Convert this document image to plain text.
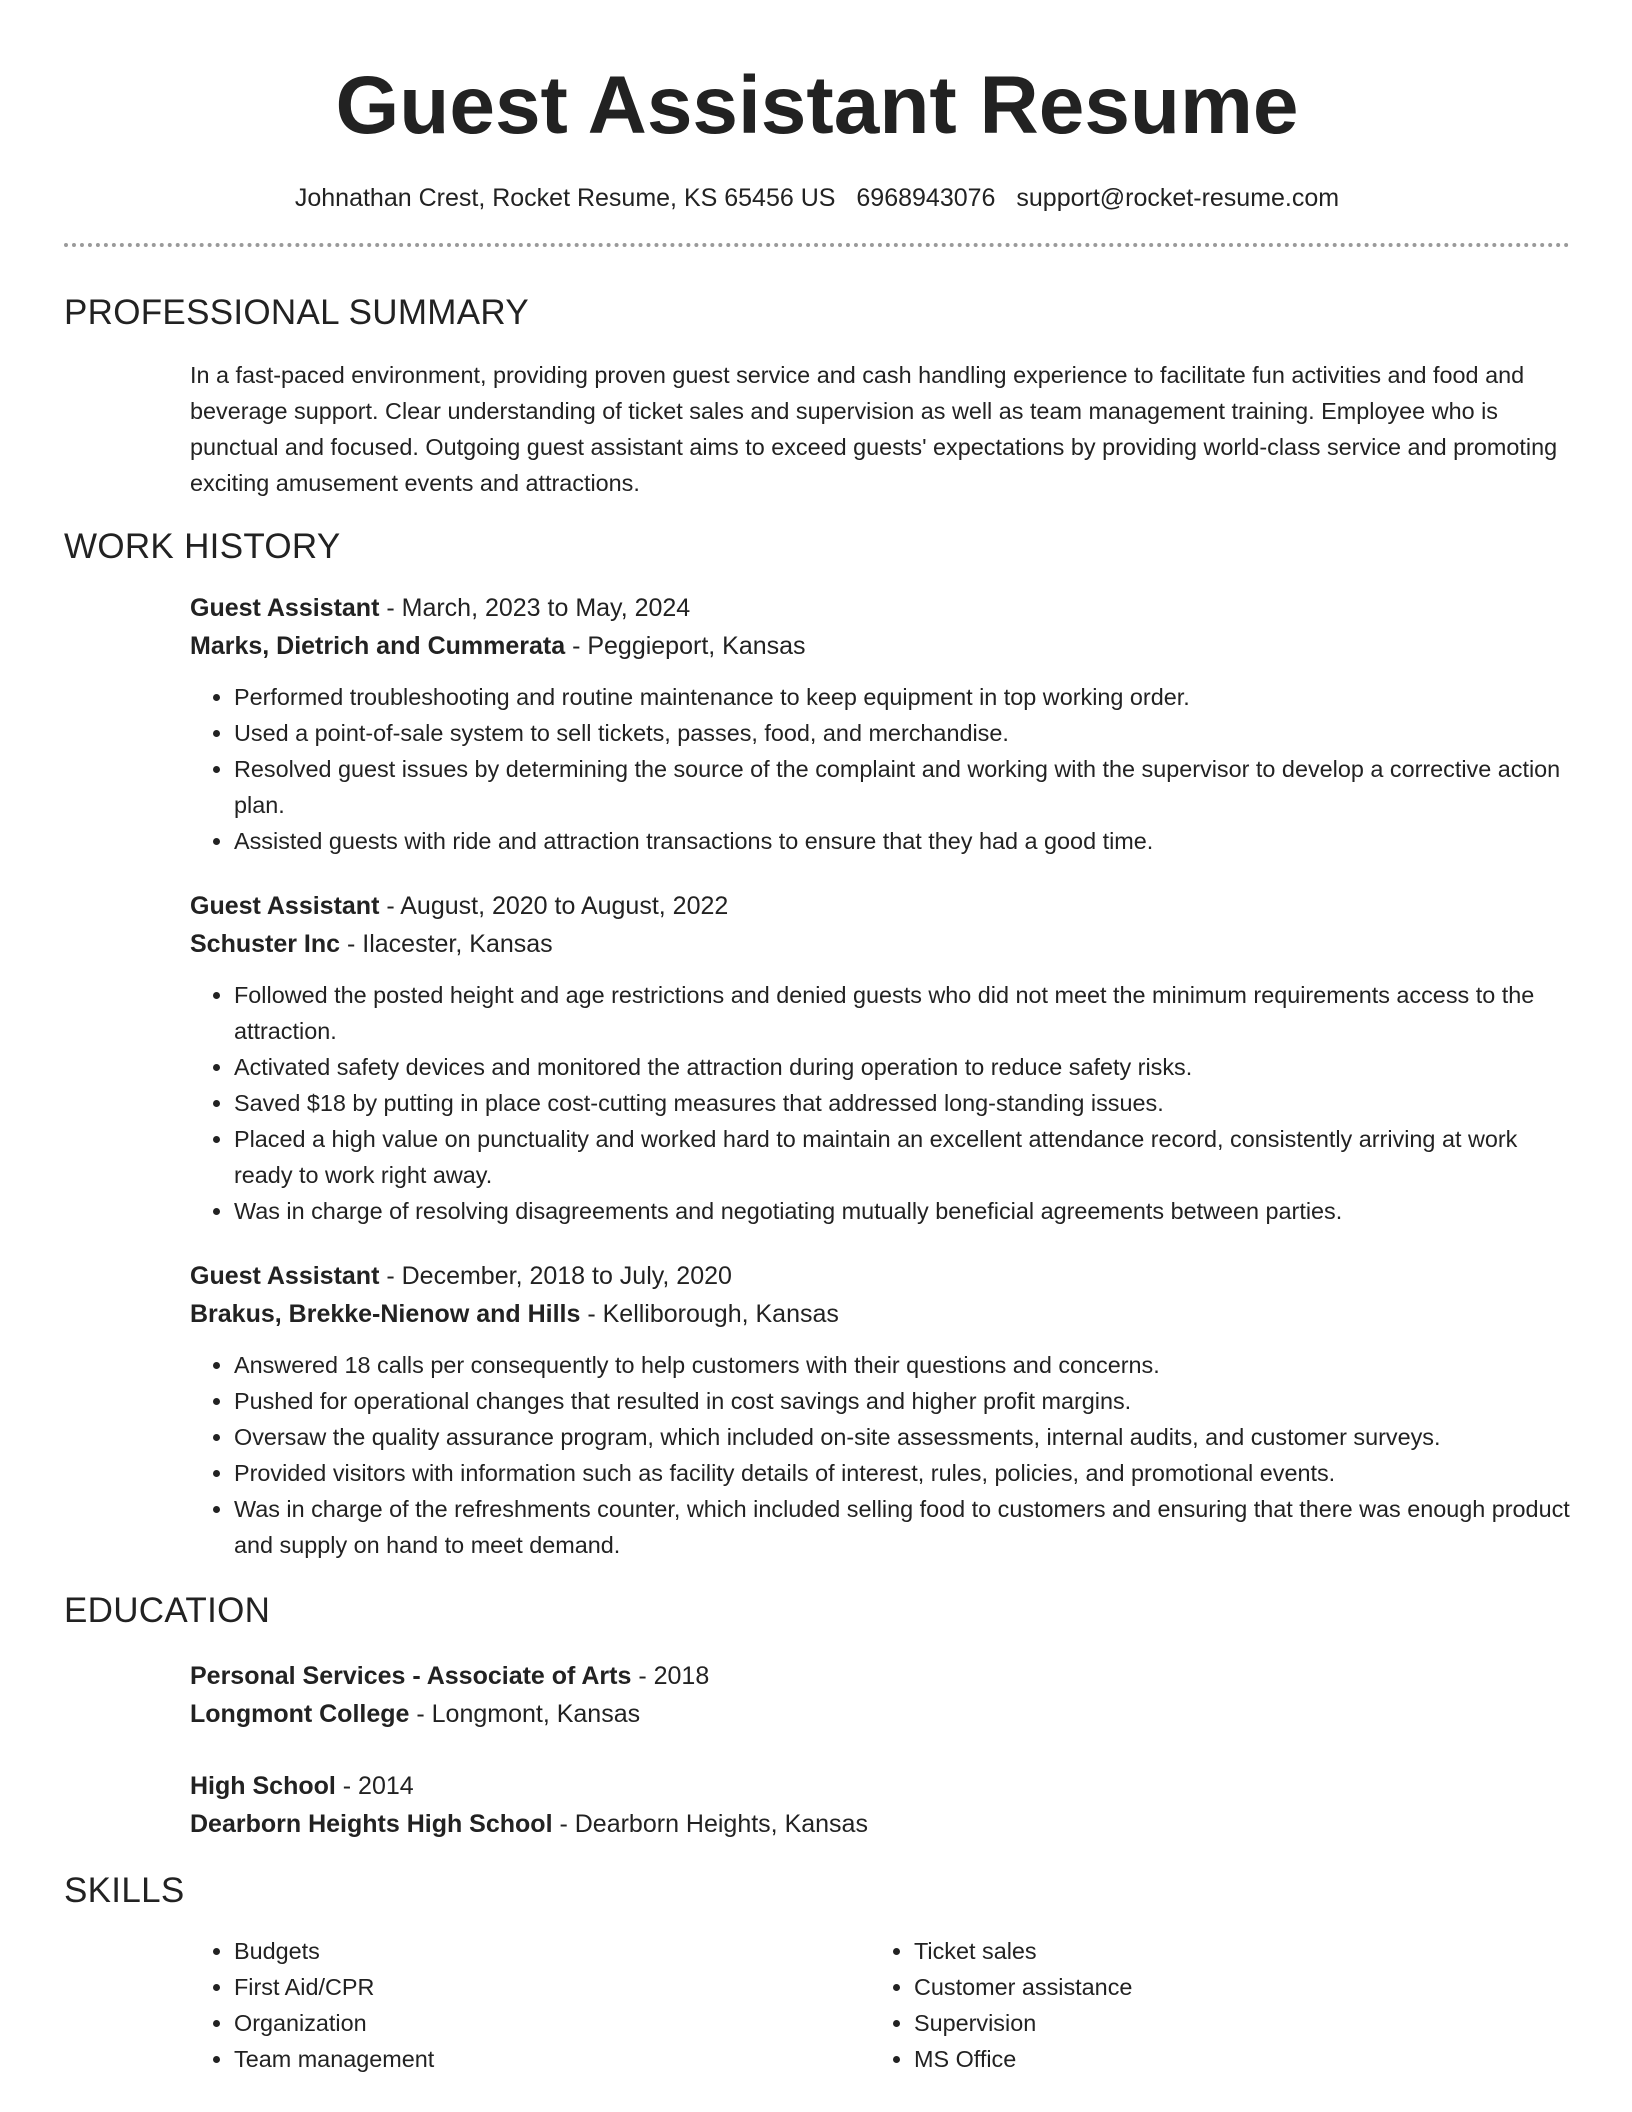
Guest Assistant Resume
Johnathan Crest, Rocket Resume, KS 65456 US 6968943076 support@rocket-resume.com
PROFESSIONAL SUMMARY
In a fast-paced environment, providing proven guest service and cash handling experience to facilitate fun activities and food and beverage support. Clear understanding of ticket sales and supervision as well as team management training. Employee who is punctual and focused. Outgoing guest assistant aims to exceed guests' expectations by providing world-class service and promoting exciting amusement events and attractions.
WORK HISTORY
Guest Assistant - March, 2023 to May, 2024
Marks, Dietrich and Cummerata - Peggieport, Kansas
• Performed troubleshooting and routine maintenance to keep equipment in top working order.
• Used a point-of-sale system to sell tickets, passes, food, and merchandise.
• Resolved guest issues by determining the source of the complaint and working with the supervisor to develop a corrective action plan.
• Assisted guests with ride and attraction transactions to ensure that they had a good time.
Guest Assistant - August, 2020 to August, 2022
Schuster Inc - Ilacester, Kansas
• Followed the posted height and age restrictions and denied guests who did not meet the minimum requirements access to the attraction.
• Activated safety devices and monitored the attraction during operation to reduce safety risks.
• Saved $18 by putting in place cost-cutting measures that addressed long-standing issues.
• Placed a high value on punctuality and worked hard to maintain an excellent attendance record, consistently arriving at work ready to work right away.
• Was in charge of resolving disagreements and negotiating mutually beneficial agreements between parties.
Guest Assistant - December, 2018 to July, 2020
Brakus, Brekke-Nienow and Hills - Kelliborough, Kansas
• Answered 18 calls per consequently to help customers with their questions and concerns.
• Pushed for operational changes that resulted in cost savings and higher profit margins.
• Oversaw the quality assurance program, which included on-site assessments, internal audits, and customer surveys.
• Provided visitors with information such as facility details of interest, rules, policies, and promotional events.
• Was in charge of the refreshments counter, which included selling food to customers and ensuring that there was enough product and supply on hand to meet demand.
EDUCATION
Personal Services - Associate of Arts - 2018
Longmont College - Longmont, Kansas
High School - 2014
Dearborn Heights High School - Dearborn Heights, Kansas
SKILLS
• Budgets
• First Aid/CPR
• Organization
• Team management
• Ticket sales
• Customer assistance
• Supervision
• MS Office
